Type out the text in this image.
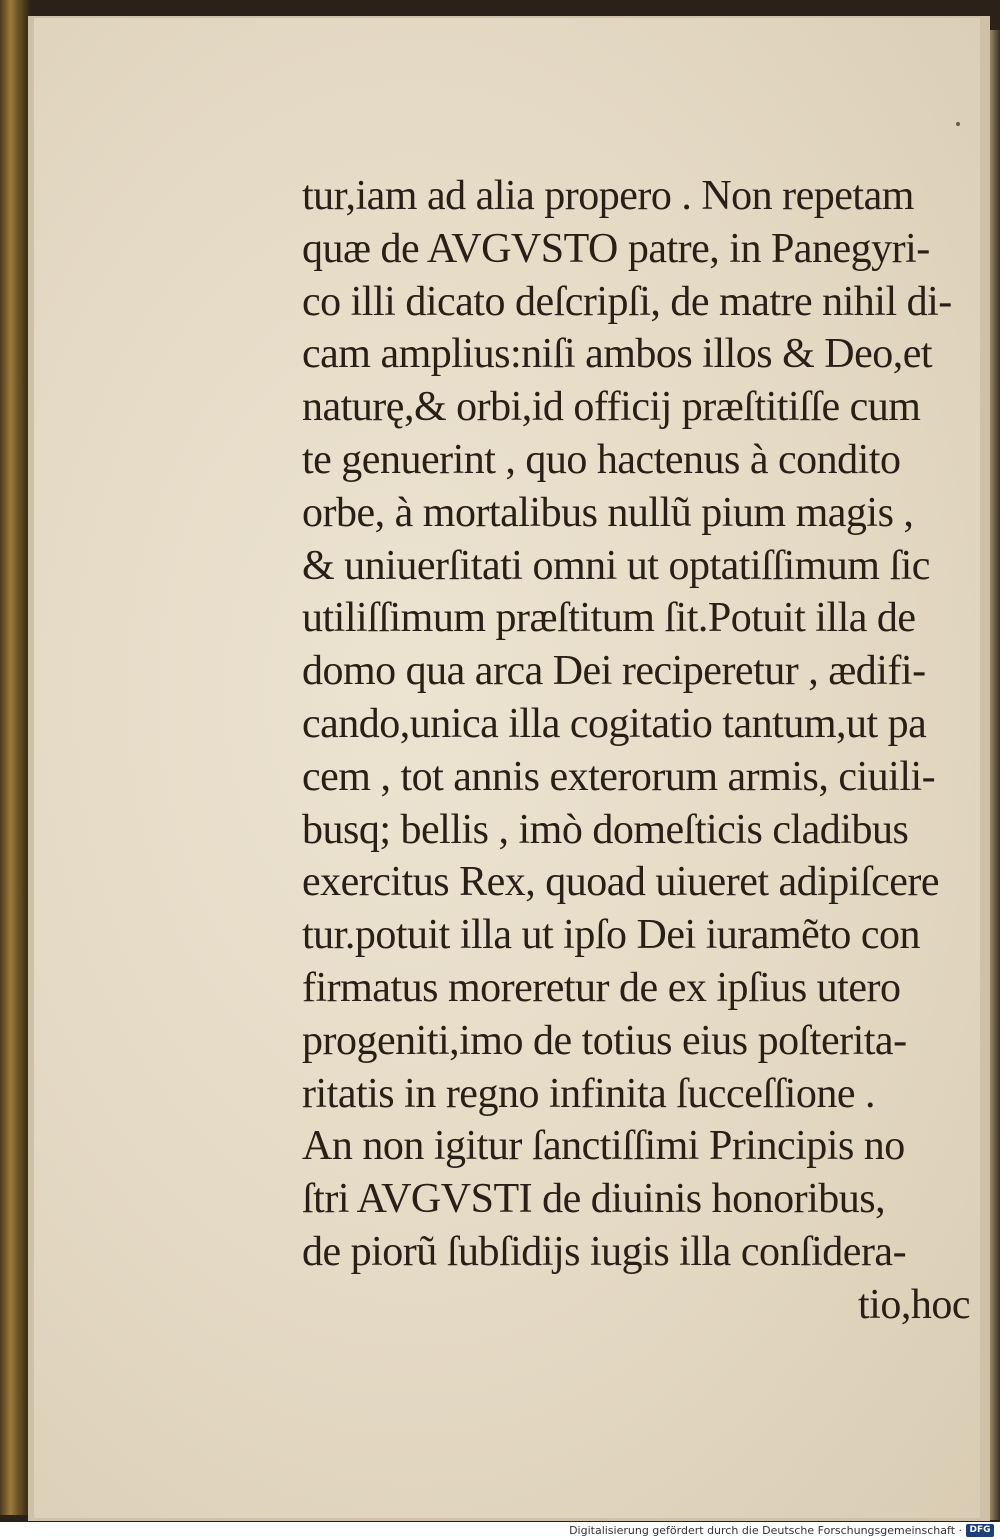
tur,iam ad alia propero . Non repetam
quæ de AVGVSTO patre, in Panegyri-
co illi dicato deſcripſi, de matre nihil di-
cam amplius:niſi ambos illos & Deo,et
naturę,& orbi,id officij præſtitiſſe cum
te genuerint , quo hactenus à condito
orbe, à mortalibus nullũ pium magis ,
& uniuerſitati omni ut optatiſſimum ſic
utiliſſimum præſtitum ſit.Potuit illa de
domo qua arca Dei reciperetur , ædifi-
cando,unica illa cogitatio tantum,ut pa
cem , tot annis exterorum armis, ciuili-
busq; bellis , imò domeſticis cladibus
exercitus Rex, quoad uiueret adipiſcere
tur.potuit illa ut ipſo Dei iuramẽto con
firmatus moreretur de ex ipſius utero
progeniti,imo de totius eius poſterita-
ritatis in regno infinita ſucceſſione .
An non igitur ſanctiſſimi Principis no
ſtri AVGVSTI de diuinis honoribus,
de piorũ ſubſidijs iugis illa conſidera-
tio,hoc
Digitalisierung gefördert durch die Deutsche Forschungsgemeinschaft · DFG
